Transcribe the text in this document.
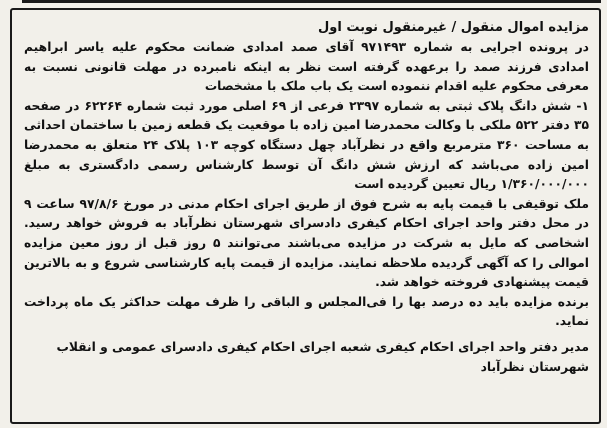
مزایده اموال منقول / غیرمنقول نوبت اول

در پرونده اجرایی به شماره ۹۷۱۴۹۳ آقای صمد امدادی ضمانت محکوم علیه یاسر ابراهیم امدادی فرزند صمد را برعهده گرفته است نظر به اینکه نامبرده در مهلت قانونی نسبت به معرفی محکوم علیه اقدام ننموده است یک باب ملک با مشخصات

۱- شش دانگ پلاک ثبتی به شماره ۲۳۹۷ فرعی از ۶۹ اصلی مورد ثبت شماره ۶۲۲۶۴ در صفحه ۳۵ دفتر ۵۲۲ ملکی با وکالت محمدرضا امین زاده با موقعیت یک قطعه زمین با ساختمان احداثی به مساحت ۳۶۰ مترمربع واقع در نظرآباد چهل دستگاه کوچه ۱۰۳ پلاک ۲۴ متعلق به محمدرضا امین زاده می‌باشد که ارزش شش دانگ آن توسط کارشناس رسمی دادگستری به مبلغ ۱/۳۶۰/۰۰۰/۰۰۰ ریال تعیین گردیده است

ملک توقیفی با قیمت پایه به شرح فوق از طریق اجرای احکام مدنی در مورخ ۹۷/۸/۶ ساعت ۹ در محل دفتر واحد اجرای احکام کیفری دادسرای شهرستان نظرآباد به فروش خواهد رسید. اشخاصی که مایل به شرکت در مزایده می‌باشند می‌توانند ۵ روز قبل از روز معین مزایده اموالی را که آگهی گردیده ملاحظه نمایند. مزایده از قیمت پایه کارشناسی شروع و به بالاترین قیمت پیشنهادی فروخته خواهد شد.

برنده مزایده باید ده درصد بها را فی‌المجلس و الباقی را ظرف مهلت حداکثر یک ماه پرداخت نماید.

مدیر دفتر واحد اجرای احکام کیفری شعبه اجرای احکام کیفری دادسرای عمومی و انقلاب شهرستان نظرآباد
